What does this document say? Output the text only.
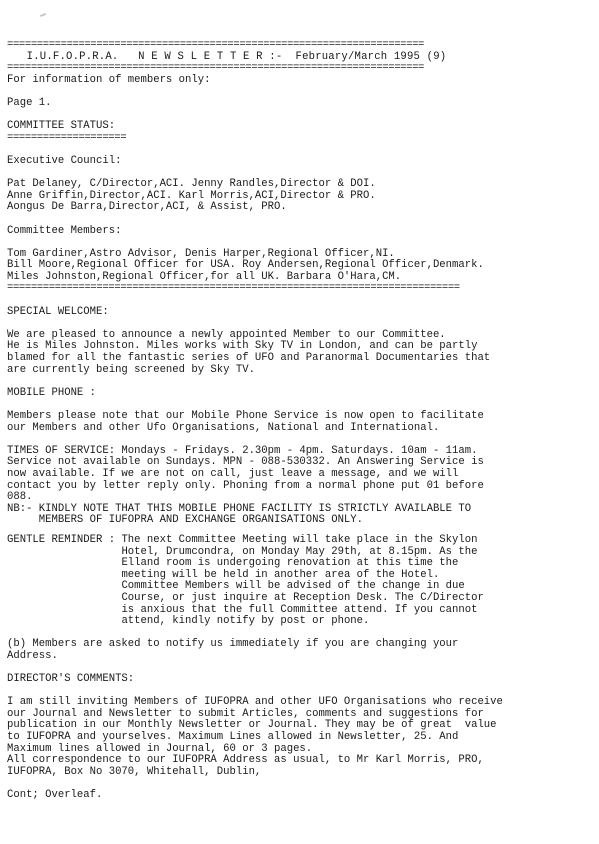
======================================================================
I.U.F.O.P.R.A.   N E W S L E T T E R :-  February/March 1995 (9)
======================================================================
For information of members only:
Page 1.
COMMITTEE STATUS:
====================
Executive Council:
Pat Delaney, C/Director,ACI. Jenny Randles,Director & DOI.
Anne Griffin,Director,ACI. Karl Morris,ACI,Director & PRO.
Aongus De Barra,Director,ACI, & Assist, PRO.
Committee Members:
Tom Gardiner,Astro Advisor, Denis Harper,Regional Officer,NI.
Bill Moore,Regional Officer for USA. Roy Andersen,Regional Officer,Denmark.
Miles Johnston,Regional Officer,for all UK. Barbara O'Hara,CM.
============================================================================
SPECIAL WELCOME:
We are pleased to announce a newly appointed Member to our Committee.
He is Miles Johnston. Miles works with Sky TV in London, and can be partly
blamed for all the fantastic series of UFO and Paranormal Documentaries that
are currently being screened by Sky TV.
MOBILE PHONE :
Members please note that our Mobile Phone Service is now open to facilitate
our Members and other Ufo Organisations, National and International.
TIMES OF SERVICE: Mondays - Fridays. 2.30pm - 4pm. Saturdays. 10am - 11am.
Service not available on Sundays. MPN - 088-530332. An Answering Service is
now available. If we are not on call, just leave a message, and we will
contact you by letter reply only. Phoning from a normal phone put 01 before
088.
NB:- KINDLY NOTE THAT THIS MOBILE PHONE FACILITY IS STRICTLY AVAILABLE TO
MEMBERS OF IUFOPRA AND EXCHANGE ORGANISATIONS ONLY.
GENTLE REMINDER : The next Committee Meeting will take place in the Skylon
Hotel, Drumcondra, on Monday May 29th, at 8.15pm. As the
Elland room is undergoing renovation at this time the
meeting will be held in another area of the Hotel.
Committee Members will be advised of the change in due
Course, or just inquire at Reception Desk. The C/Director
is anxious that the full Committee attend. If you cannot
attend, kindly notify by post or phone.
(b) Members are asked to notify us immediately if you are changing your
Address.
DIRECTOR'S COMMENTS:
I am still inviting Members of IUFOPRA and other UFO Organisations who receive
our Journal and Newsletter to submit Articles, comments and suggestions for
publication in our Monthly Newsletter or Journal. They may be of great  value
to IUFOPRA and yourselves. Maximum Lines allowed in Newsletter, 25. And
Maximum lines allowed in Journal, 60 or 3 pages.
All correspondence to our IUFOPRA Address as usual, to Mr Karl Morris, PRO,
IUFOPRA, Box No 3070, Whitehall, Dublin,
Cont; Overleaf.
